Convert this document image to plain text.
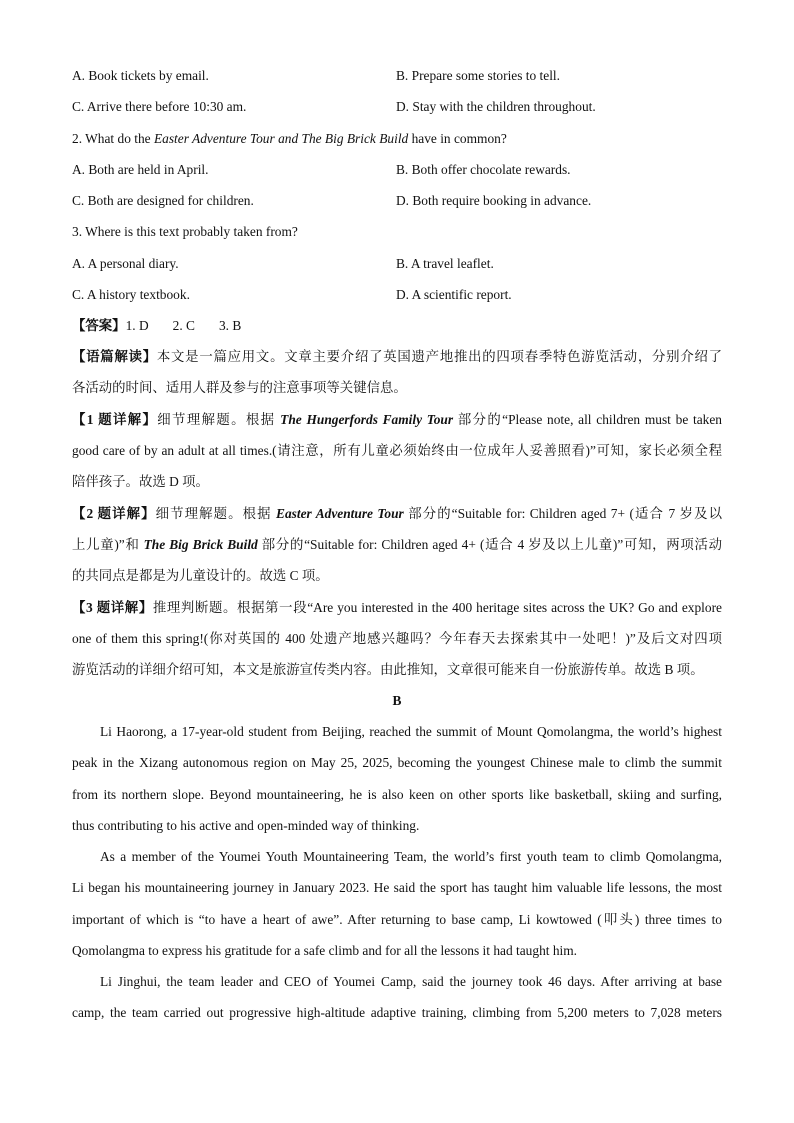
A. Book tickets by email.	B. Prepare some stories to tell.
C. Arrive there before 10:30 am.	D. Stay with the children throughout.
2. What do the Easter Adventure Tour and The Big Brick Build have in common?
A. Both are held in April.	B. Both offer chocolate rewards.
C. Both are designed for children.	D. Both require booking in advance.
3. Where is this text probably taken from?
A. A personal diary.	B. A travel leaflet.
C. A history textbook.	D. A scientific report.
【答案】1. D 2. C 3. B
【语篇解读】本文是一篇应用文。文章主要介绍了英国遗产地推出的四项春季特色游览活动，分别介绍了
各活动的时间、适用人群及参与的注意事项等关键信息。
【1 题详解】细节理解题。根据 The Hungerfords Family Tour 部分的“Please note, all children must be taken
good care of by an adult at all times.(请注意，所有儿童必须始终由一位成年人妥善照看)”可知，家长必须全程
陪伴孩子。故选 D 项。
【2 题详解】细节理解题。根据 Easter Adventure Tour 部分的“Suitable for: Children aged 7+ (适合 7 岁及以
上儿童)”和 The Big Brick Build 部分的“Suitable for: Children aged 4+ (适合 4 岁及以上儿童)”可知，两项活动
的共同点是都是为儿童设计的。故选 C 项。
【3 题详解】推理判断题。根据第一段“Are you interested in the 400 heritage sites across the UK? Go and explore
one of them this spring!(你对英国的 400 处遗产地感兴趣吗？今年春天去探索其中一处吧！)”及后文对四项
游览活动的详细介绍可知，本文是旅游宣传类内容。由此推知，文章很可能来自一份旅游传单。故选 B 项。
B
Li Haorong, a 17-year-old student from Beijing, reached the summit of Mount Qomolangma, the world’s highest
peak in the Xizang autonomous region on May 25, 2025, becoming the youngest Chinese male to climb the summit
from its northern slope. Beyond mountaineering, he is also keen on other sports like basketball, skiing and surfing,
thus contributing to his active and open-minded way of thinking.
As a member of the Youmei Youth Mountaineering Team, the world’s first youth team to climb Qomolangma,
Li began his mountaineering journey in January 2023. He said the sport has taught him valuable life lessons, the most
important of which is “to have a heart of awe”. After returning to base camp, Li kowtowed (叩头) three times to
Qomolangma to express his gratitude for a safe climb and for all the lessons it had taught him.
Li Jinghui, the team leader and CEO of Youmei Camp, said the journey took 46 days. After arriving at base
camp, the team carried out progressive high-altitude adaptive training, climbing from 5,200 meters to 7,028 meters
